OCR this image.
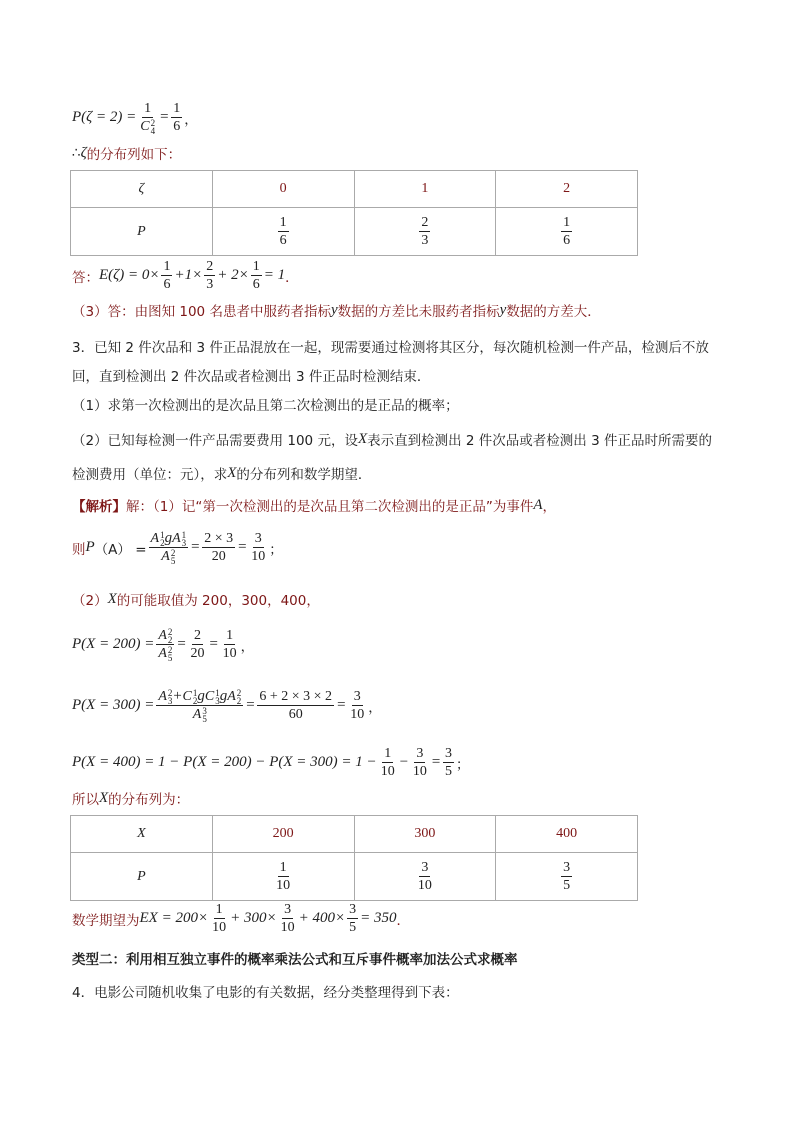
P(ζ = 2) = 1
C 2
$4 = \frac{1}{6}$ ，
∴ ζ 的分布列如下：
答： $E(\zeta) = 0\times \frac{1}{6} +1\times \frac{2}{3} + 2\times \frac{1}{6} = 1$ ．
（3）答：由图知 100 名患者中服药者指标 y 数据的方差比未服药者指标 y 数据的方差大．
3．已知 2 件次品和 3 件正品混放在一起，现需要通过检测将其区分，每次随机检测一件产品，检测后不放
回，直到检测出 2 件次品或者检测出 3 件正品时检测结束．
（1）求第一次检测出的是次品且第二次检测出的是正品的概率；
（2）已知每检测一件产品需要费用 100 元，设 X 表示直到检测出 2 件次品或者检测出 3 件正品时所需要的
检测费用（单位：元），求 X 的分布列和数学期望．
【解析】 解：（1）记“第一次检测出的是次品且第二次检测出的是正品”为事件 A ，
则 P （A） = A 1
2 g A 1
3
A 2
$5 = \frac{2 \times 3}{20} = \frac{3}{10}$ ；
（2） X 的可能取值为 200，300，400，
P(X = 200) = A 2
2
A 2
$5 = \frac{2}{20} = \frac{1}{10}$ ，
P(X = 300) = A 2
3 + C 1
2 g C 1
3 g A 2
2
A 3
$5 = \frac{6 + 2 \times 3 \times 2}{60} = \frac{3}{10}$ ，
$P(X = 400) = 1 - P(X = 200) - P(X = 300) = 1 - \frac{1}{10} - \frac{3}{10} = \frac{3}{5}$ ；
所以 X 的分布列为：
数学期望为 EX = $200\times \frac{1}{10} + 300\times \frac{3}{10} + 400\times \frac{3}{5} = 350$ ．
类型二：利用相互独立事件的概率乘法公式和互斥事件概率加法公式求概率
4．电影公司随机收集了电影的有关数据，经分类整理得到下表：
ζ	0	1	2
P	$\frac{1}{6}$	$\frac{2}{3}$	$\frac{1}{6}$
X	200	300	400
P	$\frac{1}{10}$	$\frac{3}{10}$	$\frac{3}{5}$
